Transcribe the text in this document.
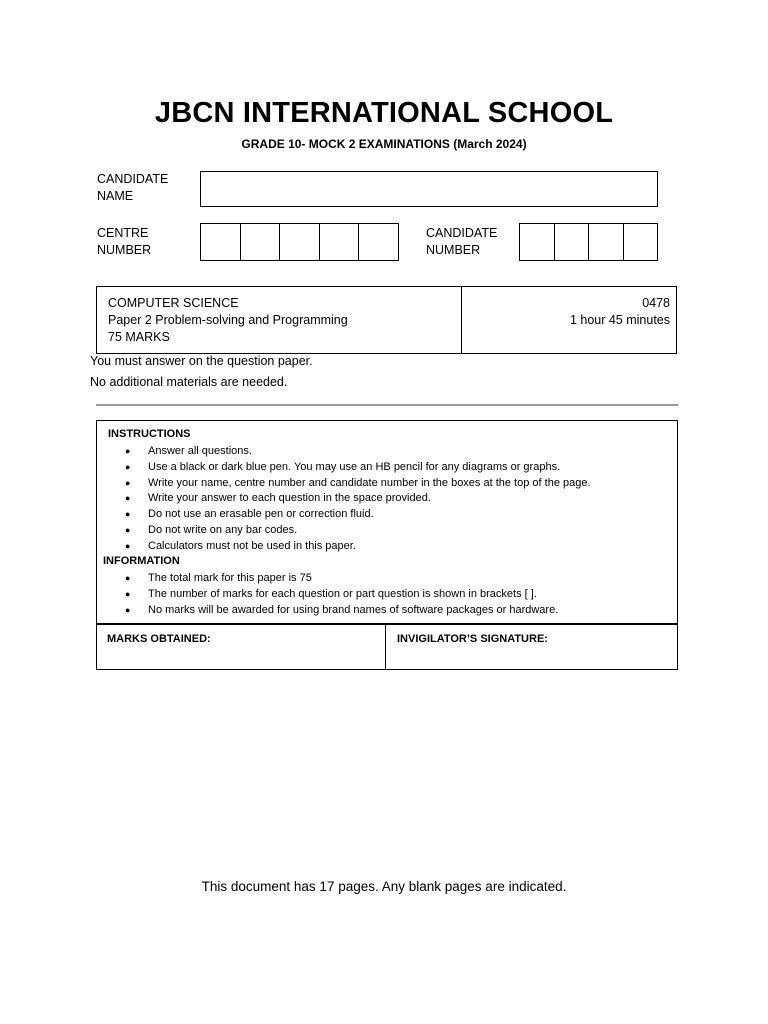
JBCN INTERNATIONAL SCHOOL
GRADE 10- MOCK 2 EXAMINATIONS (March 2024)
CANDIDATE
NAME
CENTRE
NUMBER
CANDIDATE
NUMBER
COMPUTER SCIENCE
Paper 2 Problem-solving and Programming
75 MARKS
0478
1 hour 45 minutes
You must answer on the question paper.
No additional materials are needed.
INSTRUCTIONS
● Answer all questions.
● Use a black or dark blue pen. You may use an HB pencil for any diagrams or graphs.
● Write your name, centre number and candidate number in the boxes at the top of the page.
● Write your answer to each question in the space provided.
● Do not use an erasable pen or correction fluid.
● Do not write on any bar codes.
● Calculators must not be used in this paper.
INFORMATION
● The total mark for this paper is 75
● The number of marks for each question or part question is shown in brackets [ ].
● No marks will be awarded for using brand names of software packages or hardware.
MARKS OBTAINED:	INVIGILATOR’S SIGNATURE:
This document has 17 pages. Any blank pages are indicated.
